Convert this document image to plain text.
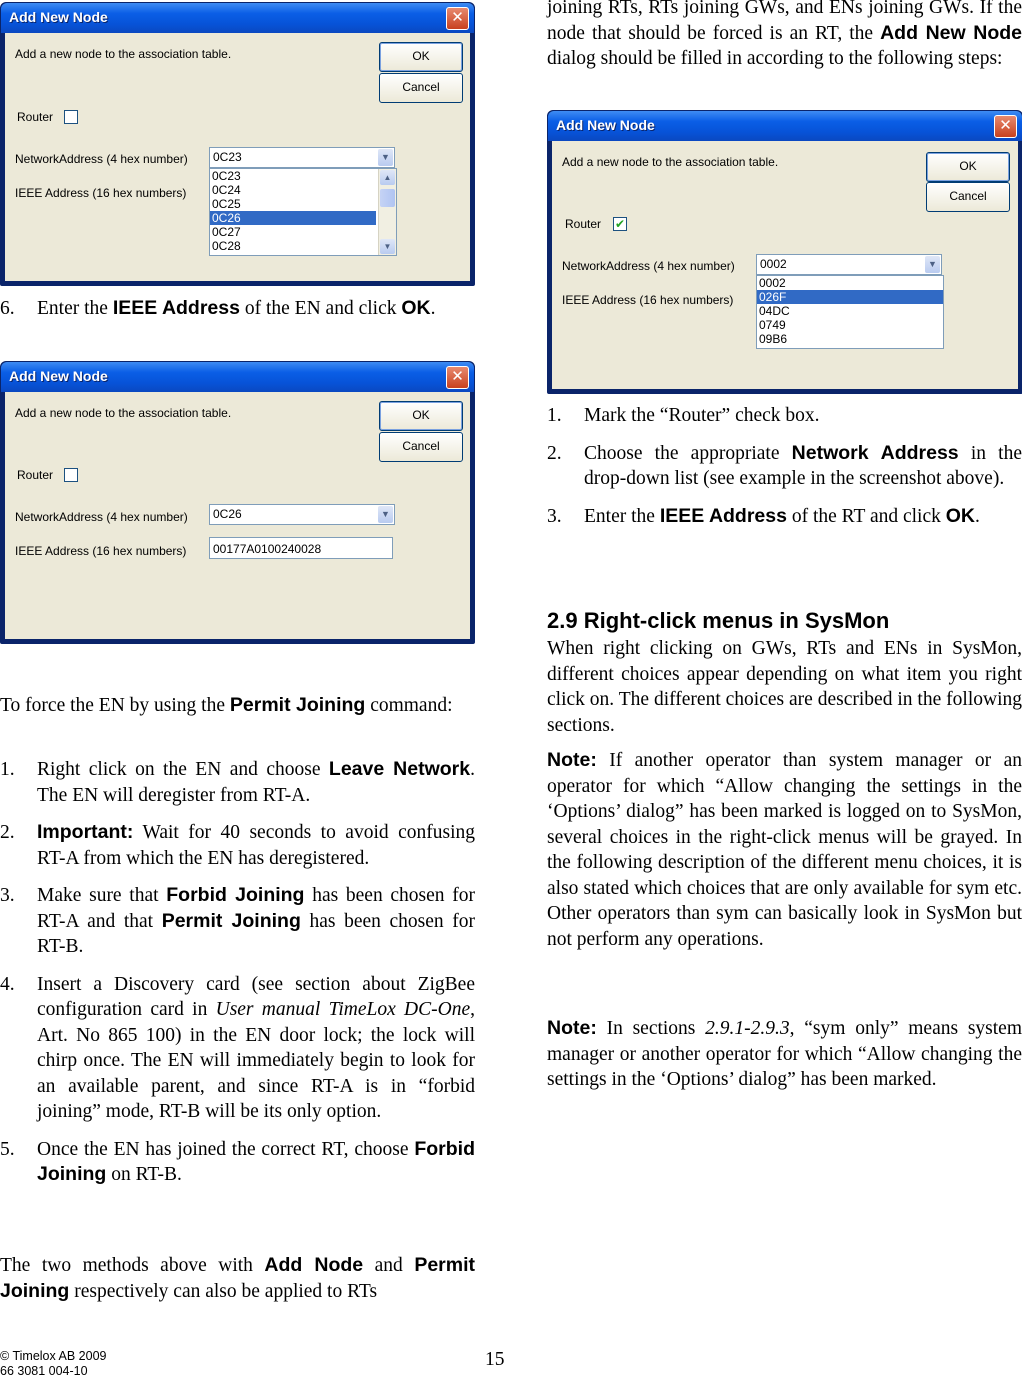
Add New Node	✕
Add a new node to the association table.	OK
Cancel
Router
NetworkAddress (4 hex number) 0C23	▼
IEEE Address (16 hex numbers)
0C23
0C24
0C25
0C26
0C27
0C28
▲
▼
6. Enter the IEEE Address of the EN and click OK.
Add New Node	✕
Add a new node to the association table.	OK
Cancel
Router
NetworkAddress (4 hex number) 0C26	▼
IEEE Address (16 hex numbers)	00177A0100240028

To force the EN by using the Permit Joining command:

1. Right click on the EN and choose Leave Network. The EN will deregister from RT-A.
2. Important: Wait for 40 seconds to avoid confusing RT-A from which the EN has deregistered.
3. Make sure that Forbid Joining has been chosen for RT-A and that Permit Joining has been chosen for RT-B.
4. Insert a Discovery card (see section about ZigBee configuration card in User manual TimeLox DC-One, Art. No 865 100) in the EN door lock; the lock will chirp once. The EN will immediately begin to look for an available parent, and since RT-A is in “forbid joining” mode, RT-B will be its only option.
5. Once the EN has joined the correct RT, choose Forbid Joining on RT-B.

The two methods above with Add Node and Permit Joining respectively can also be applied to RTs

joining RTs, RTs joining GWs, and ENs joining GWs. If the node that should be forced is an RT, the Add New Node dialog should be filled in according to the following steps:

Add New Node	✕
Add a new node to the association table.	OK
Cancel
Router ✔
NetworkAddress (4 hex number) 0002	▼
IEEE Address (16 hex numbers)
0002
026F
04DC
0749
09B6
1. Mark the “Router” check box.
2. Choose the appropriate Network Address in the drop-down list (see example in the screenshot above).
3. Enter the IEEE Address of the RT and click OK.
2.9 Right-click menus in SysMon

When right clicking on GWs, RTs and ENs in SysMon, different choices appear depending on what item you right click on. The different choices are described in the following sections.

Note: If another operator than system manager or an operator for which “Allow changing the settings in the ‘Options’ dialog” has been marked is logged on to SysMon, several choices in the right-click menus will be grayed. In the following description of the different menu choices, it is also stated which choices that are only available for sym etc. Other operators than sym can basically look in SysMon but not perform any operations.

Note: In sections 2.9.1-2.9.3, “sym only” means system manager or another operator for which “Allow changing the settings in the ‘Options’ dialog” has been marked.

© Timelox AB 2009
66 3081 004-10
15
